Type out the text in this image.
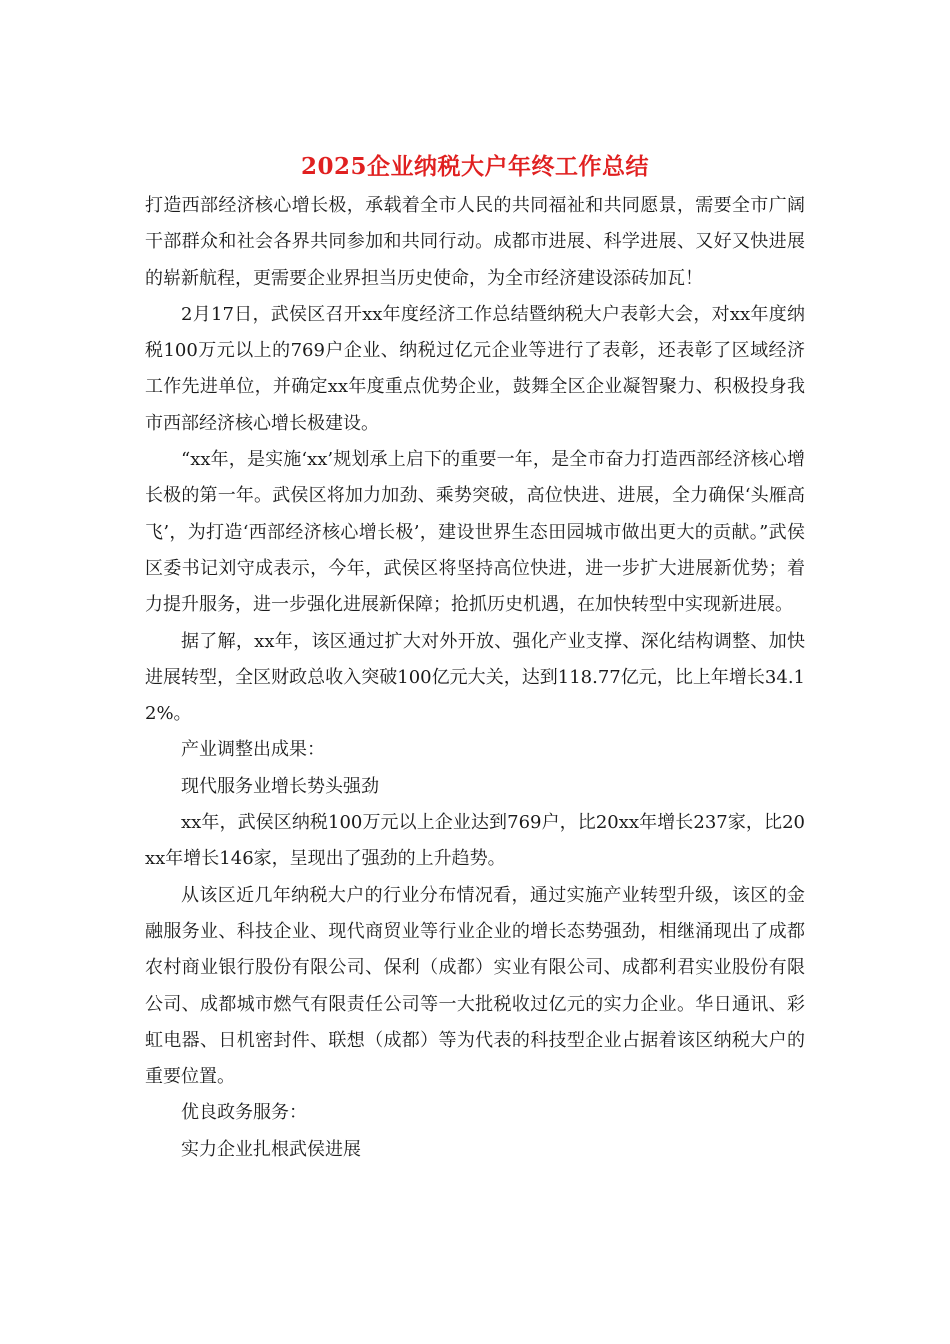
2025企业纳税大户年终工作总结

打造西部经济核心增长极，承载着全市人民的共同福祉和共同愿景，需要全市广阔干部群众和社会各界共同参加和共同行动。成都市进展、科学进展、又好又快进展的崭新航程，更需要企业界担当历史使命，为全市经济建设添砖加瓦！

2月17日，武侯区召开xx年度经济工作总结暨纳税大户表彰大会，对xx年度纳税100万元以上的769户企业、纳税过亿元企业等进行了表彰，还表彰了区域经济工作先进单位，并确定xx年度重点优势企业，鼓舞全区企业凝智聚力、积极投身我市西部经济核心增长极建设。

“xx年，是实施‘xx’规划承上启下的重要一年，是全市奋力打造西部经济核心增长极的第一年。武侯区将加力加劲、乘势突破，高位快进、进展，全力确保‘头雁高飞’，为打造‘西部经济核心增长极’，建设世界生态田园城市做出更大的贡献。”武侯区委书记刘守成表示，今年，武侯区将坚持高位快进，进一步扩大进展新优势；着力提升服务，进一步强化进展新保障；抢抓历史机遇，在加快转型中实现新进展。

据了解，xx年，该区通过扩大对外开放、强化产业支撑、深化结构调整、加快进展转型，全区财政总收入突破100亿元大关，达到118.77亿元，比上年增长34.12%。

产业调整出成果：

现代服务业增长势头强劲

xx年，武侯区纳税100万元以上企业达到769户，比20xx年增长237家，比20xx年增长146家，呈现出了强劲的上升趋势。

从该区近几年纳税大户的行业分布情况看，通过实施产业转型升级，该区的金融服务业、科技企业、现代商贸业等行业企业的增长态势强劲，相继涌现出了成都农村商业银行股份有限公司、保利（成都）实业有限公司、成都利君实业股份有限公司、成都城市燃气有限责任公司等一大批税收过亿元的实力企业。华日通讯、彩虹电器、日机密封件、联想（成都）等为代表的科技型企业占据着该区纳税大户的重要位置。

优良政务服务：

实力企业扎根武侯进展
